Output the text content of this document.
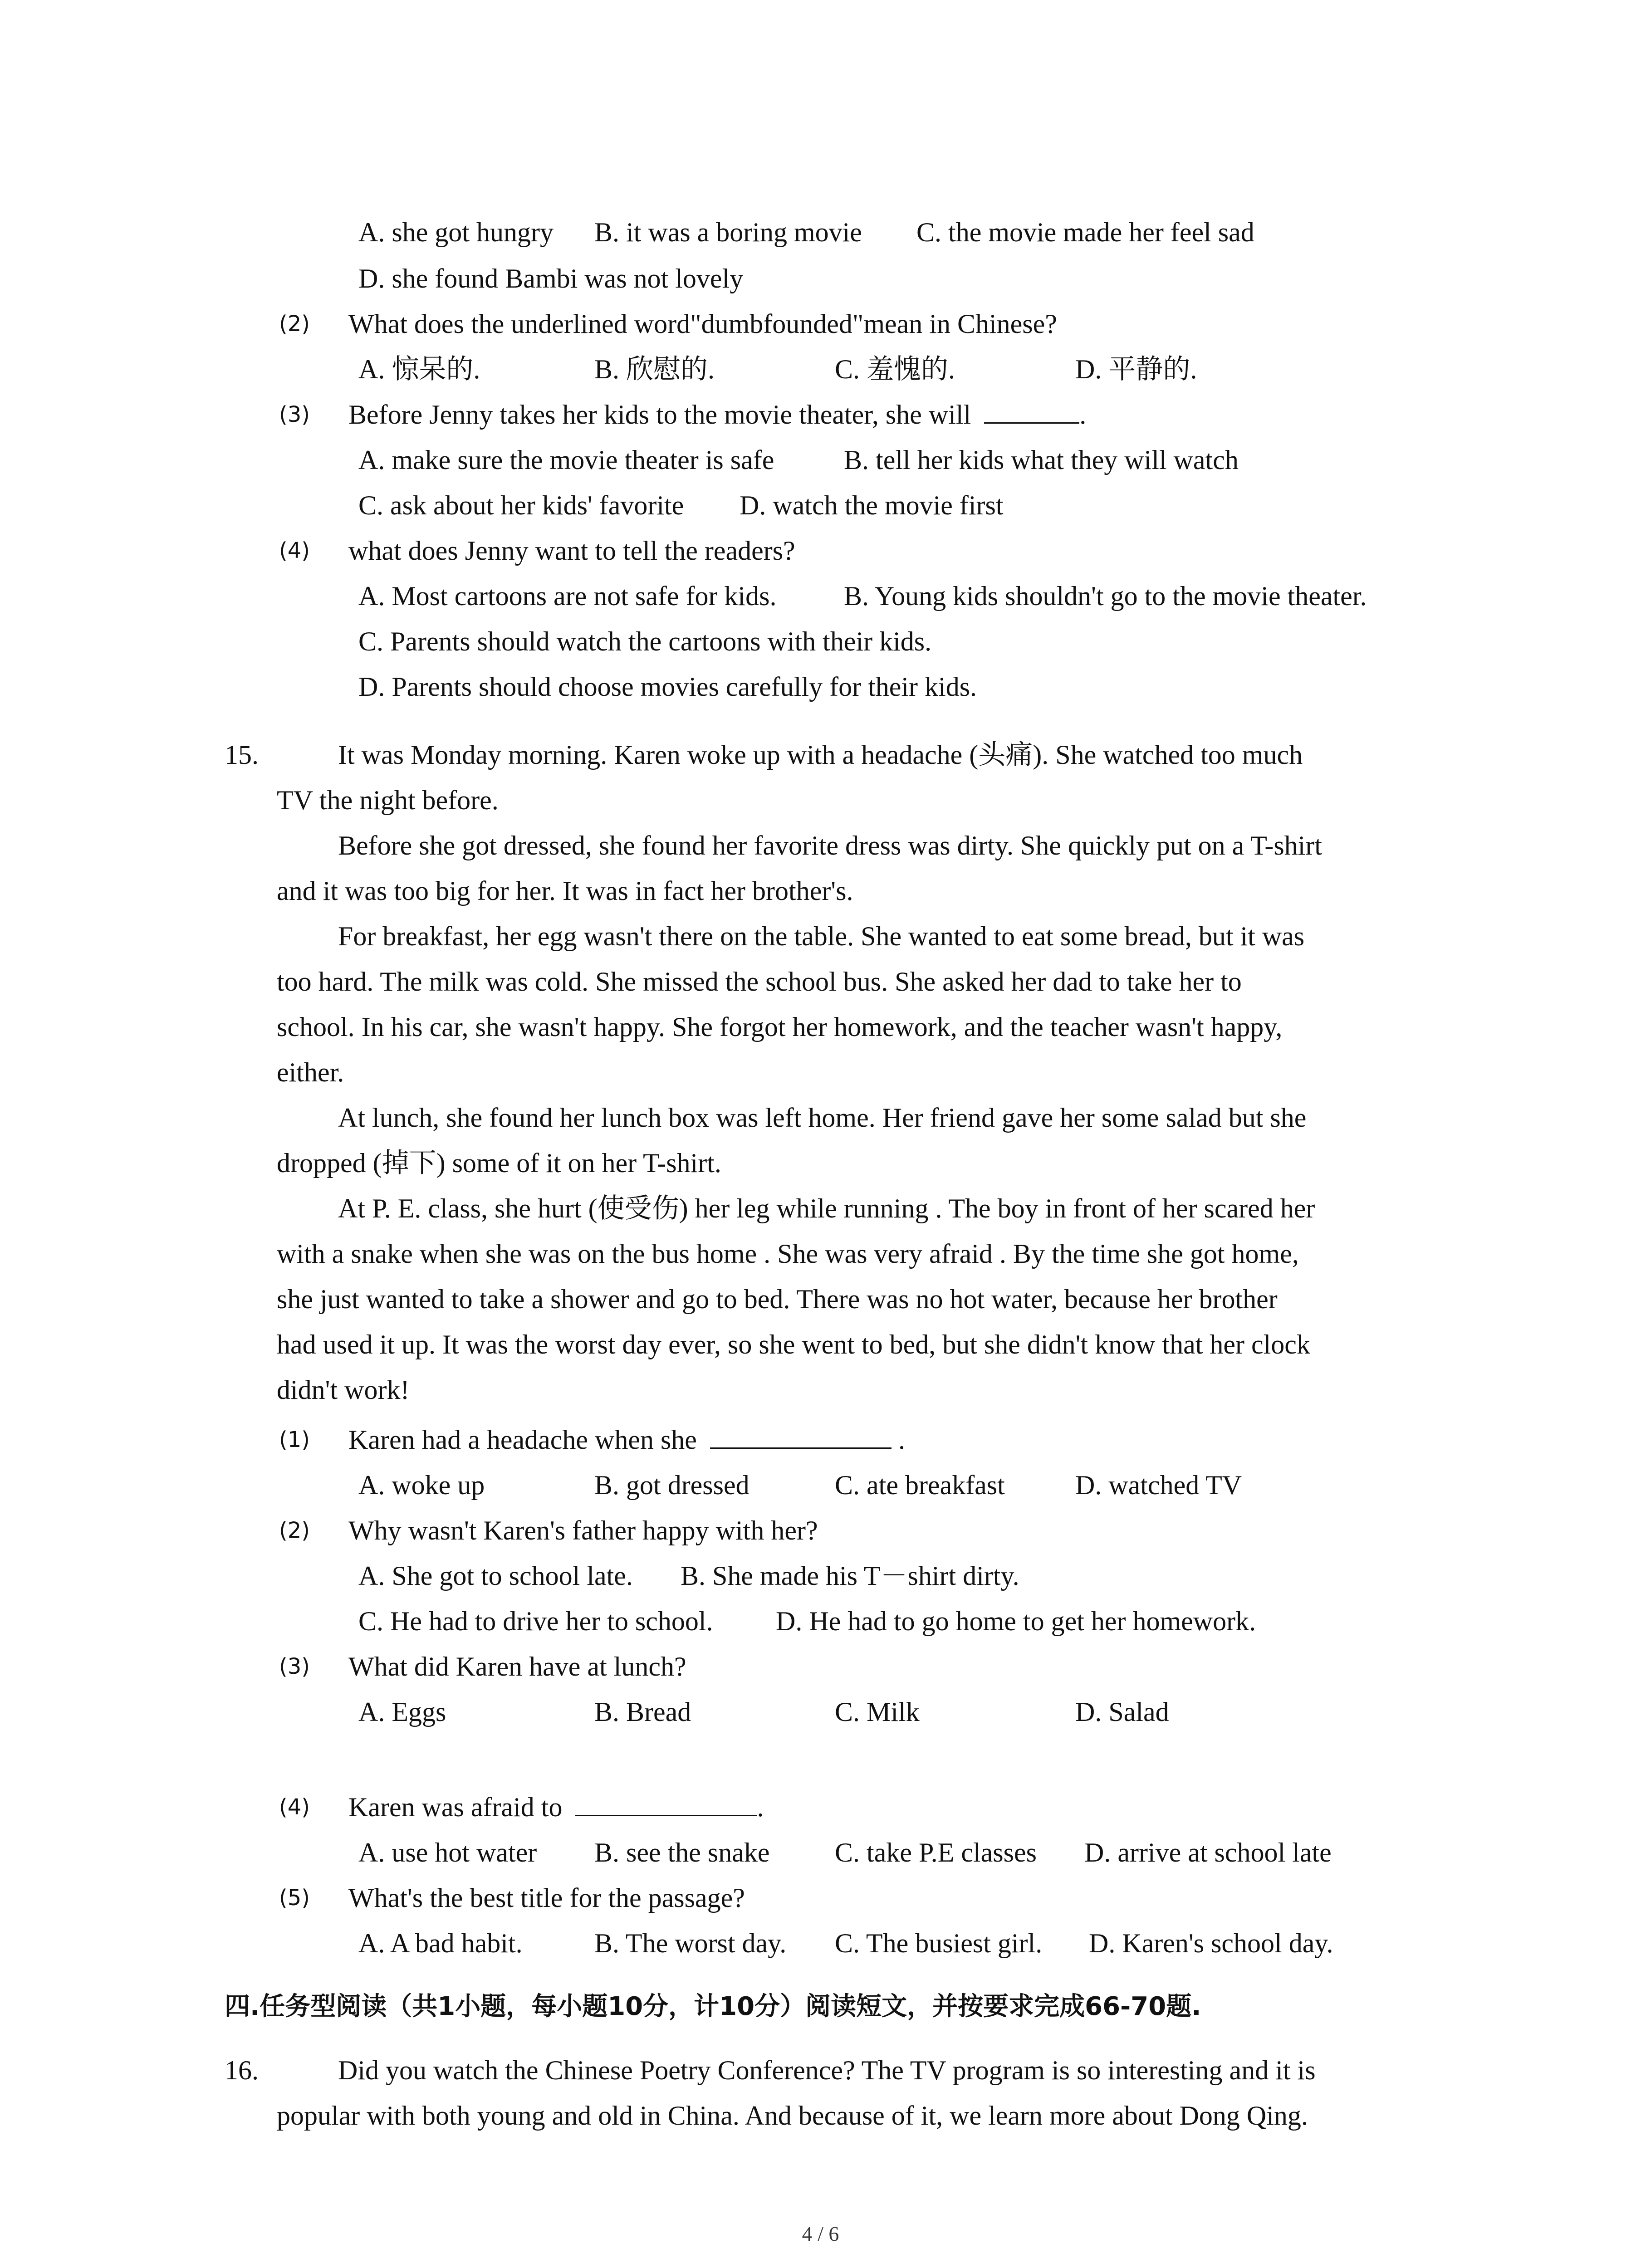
A. she got hungry B. it was a boring movie C. the movie made her feel sad
D. she found Bambi was not lovely
(2) What does the underlined word"dumbfounded"mean in Chinese?
A. 惊呆的.	B. 欣慰的.	C. 羞愧的.	D. 平静的.
(3) Before Jenny takes her kids to the movie theater, she will	.
A. make sure the movie theater is safe	B. tell her kids what they will watch
C. ask about her kids' favorite D. watch the movie first
(4) what does Jenny want to tell the readers?
A. Most cartoons are not safe for kids. B. Young kids shouldn't go to the movie theater.
C. Parents should watch the cartoons with their kids.
D. Parents should choose movies carefully for their kids.
15.	It was Monday morning. Karen woke up with a headache (头痛). She watched too much
TV the night before.
Before she got dressed, she found her favorite dress was dirty. She quickly put on a T-shirt
and it was too big for her. It was in fact her brother's.
For breakfast, her egg wasn't there on the table. She wanted to eat some bread, but it was
too hard. The milk was cold. She missed the school bus. She asked her dad to take her to
school. In his car, she wasn't happy. She forgot her homework, and the teacher wasn't happy,
either.
At lunch, she found her lunch box was left home. Her friend gave her some salad but she
dropped (掉下) some of it on her T-shirt.
At P. E. class, she hurt (使受伤) her leg while running . The boy in front of her scared her
with a snake when she was on the bus home . She was very afraid . By the time she got home,
she just wanted to take a shower and go to bed. There was no hot water, because her brother
had used it up. It was the worst day ever, so she went to bed, but she didn't know that her clock
didn't work!
(1) Karen had a headache when she	.
A. woke up	B. got dressed	C. ate breakfast	D. watched TV
(2) Why wasn't Karen's father happy with her?
A. She got to school late. B. She made his T－shirt dirty.
C. He had to drive her to school. D. He had to go home to get her homework.
(3) What did Karen have at lunch?
A. Eggs	B. Bread	C. Milk	D. Salad
(4) Karen was afraid to	.
A. use hot water B. see the snake C. take P.E classes D. arrive at school late
(5) What's the best title for the passage?
A. A bad habit.	B. The worst day. C. The busiest girl. D. Karen's school day.
四.任务型阅读（共1小题，每小题10分，计10分）阅读短文，并按要求完成66-70题.
16.	Did you watch the Chinese Poetry Conference? The TV program is so interesting and it is
popular with both young and old in China. And because of it, we learn more about Dong Qing.
4 / 6
